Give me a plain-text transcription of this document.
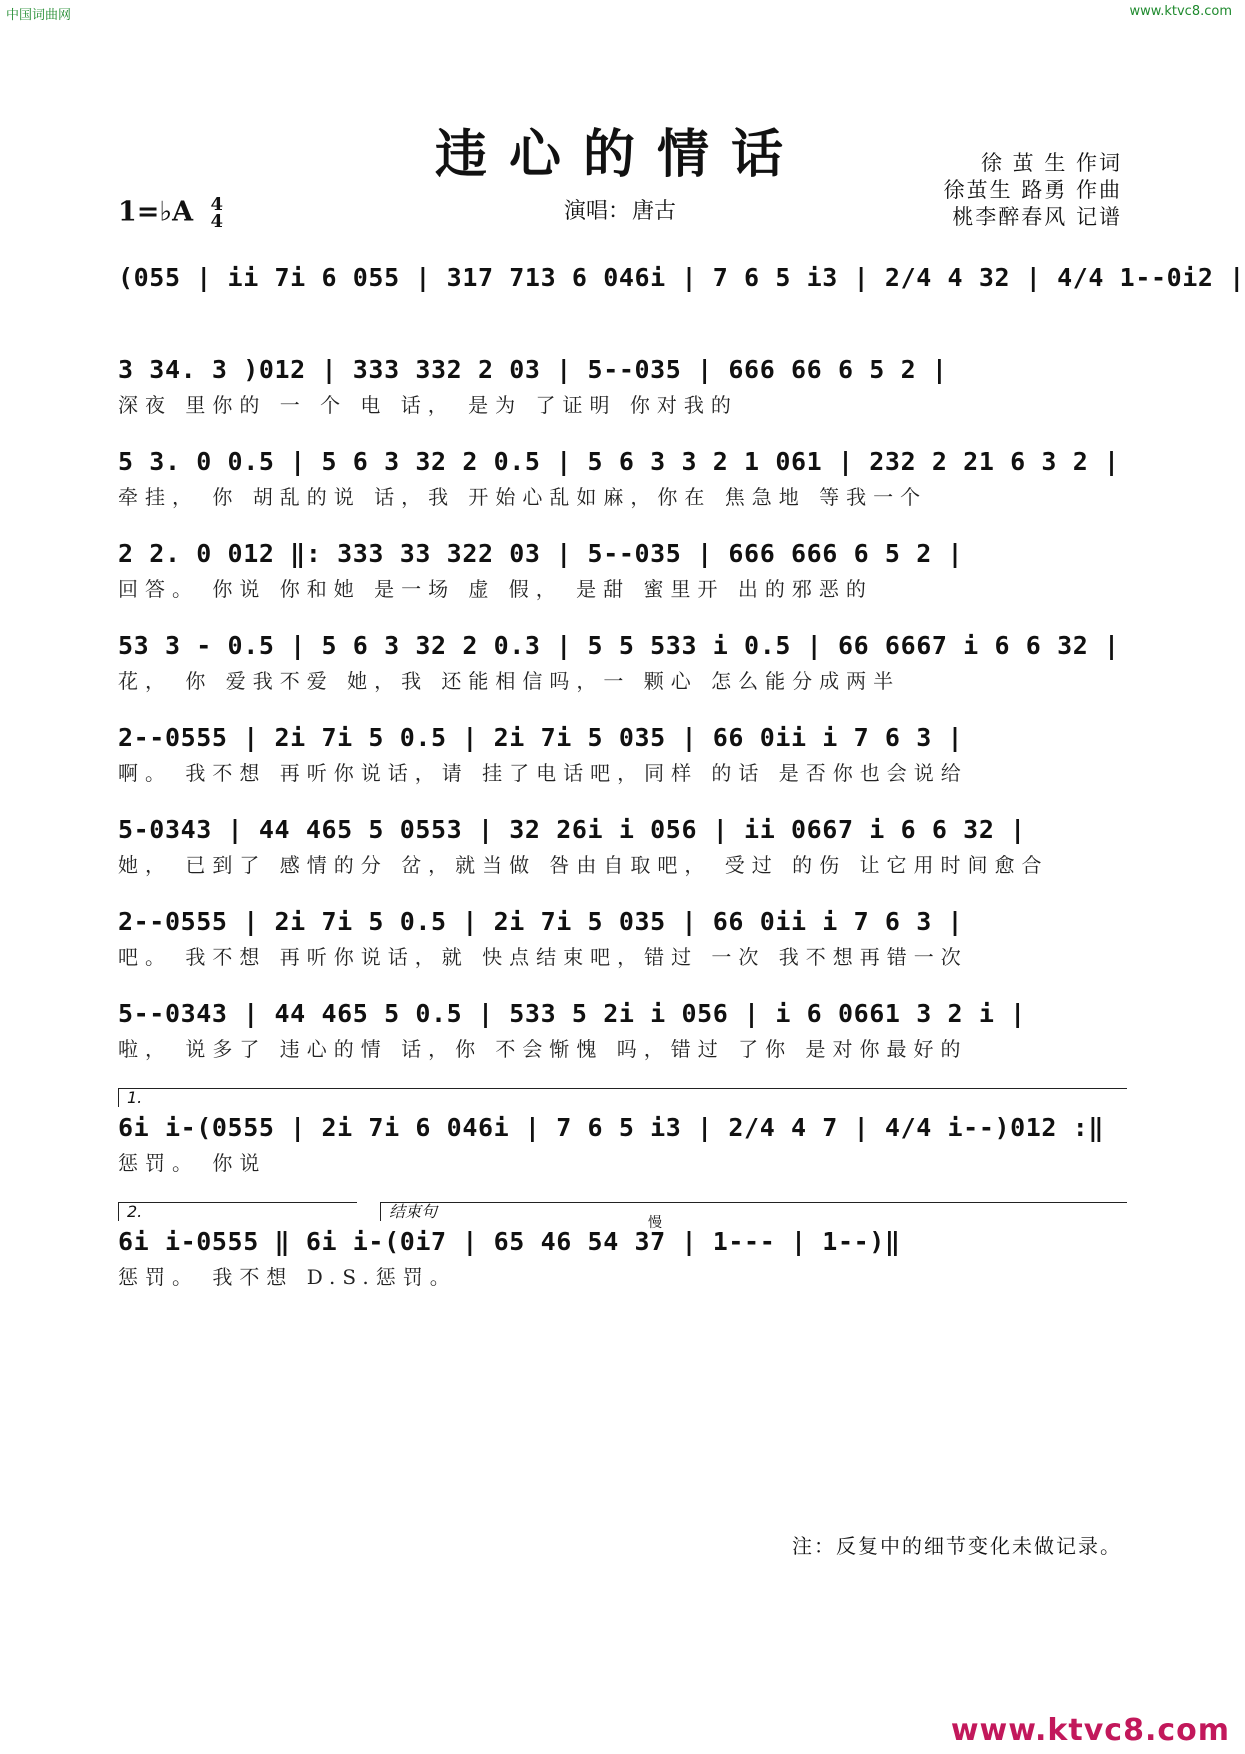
中国词曲网	www.ktvc8.com
违心的情话	徐 茧 生 作词
徐茧生 路勇 作曲
桃李醉春风 记谱
1=♭A 4
4	演唱：唐古
(055 | ii 7i 6 055 | 317 713 6 046i | 7 6 5 i3 | 2/4 4 32 | 4/4 1--0i2 |
3 34. 3 )012 | 333 332 2 03 | 5--035 | 666 66 6 5 2 |
深夜 里你的 一 个 电 话， 是为 了证明 你对我的
5 3. 0 0.5 | 5 6 3 32 2 0.5 | 5 6 3 3 2 1 061 | 232 2 21 6 3 2 |
牵挂， 你 胡乱的说 话，我 开始心乱如麻，你在 焦急地 等我一个
2 2. 0 012 ‖: 333 33 322 03 | 5--035 | 666 666 6 5 2 |
回答。 你说 你和她 是一场 虚 假， 是甜 蜜里开 出的邪恶的
53 3 - 0.5 | 5 6 3 32 2 0.3 | 5 5 533 i 0.5 | 66 6667 i 6 6 32 |
花， 你 爱我不爱 她，我 还能相信吗，一 颗心 怎么能分成两半
2--0555 | 2i 7i 5 0.5 | 2i 7i 5 035 | 66 0ii i 7 6 3 |
啊。 我不想 再听你说话，请 挂了电话吧，同样 的话 是否你也会说给
5-0343 | 44 465 5 0553 | 32 26i i 056 | ii 0667 i 6 6 32 |
她， 已到了 感情的分 岔，就当做 咎由自取吧， 受过 的伤 让它用时间愈合
2--0555 | 2i 7i 5 0.5 | 2i 7i 5 035 | 66 0ii i 7 6 3 |
吧。 我不想 再听你说话，就 快点结束吧，错过 一次 我不想再错一次
5--0343 | 44 465 5 0.5 | 533 5 2i i 056 | i 6 0661 3 2 i |
啦， 说多了 违心的情 话，你 不会惭愧 吗，错过 了你 是对你最好的
1.
6i i-(0555 | 2i 7i 6 046i | 7 6 5 i3 | 2/4 4 7 | 4/4 i--)012 :‖
惩罚。 你说
2.	结束句
慢
6i i-0555 ‖ 6i i-(0i7 | 65 46 54 37 | 1--- | 1--)‖
惩罚。 我不想 D.S.惩罚。
注：反复中的细节变化未做记录。
www.ktvc8.com
